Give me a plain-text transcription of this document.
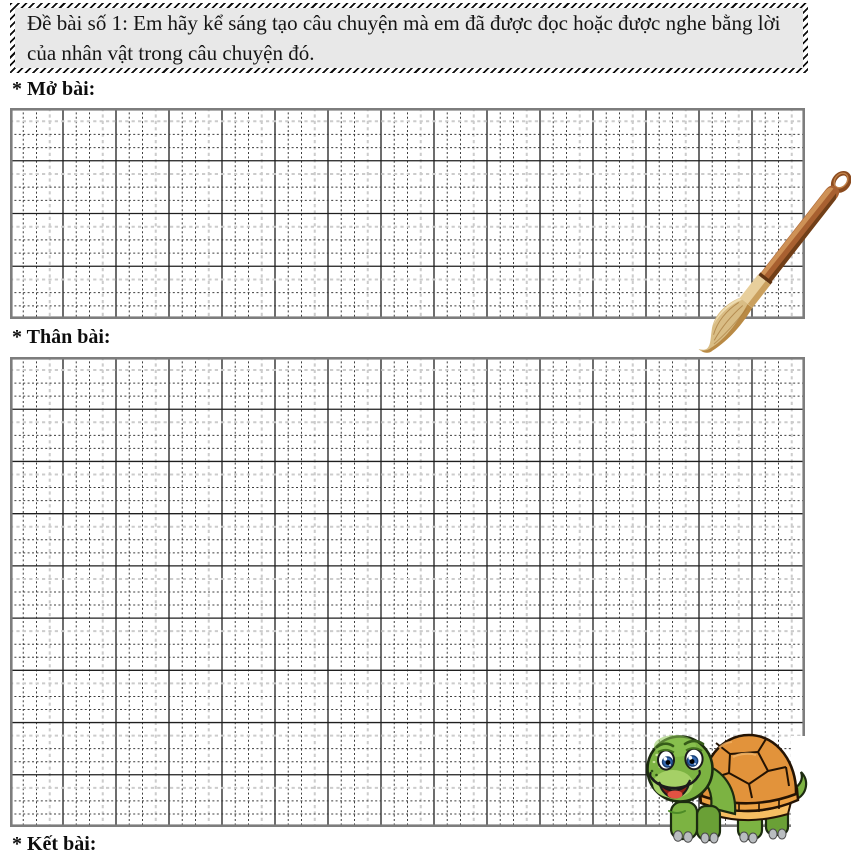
Đề bài số 1: Em hãy kể sáng tạo câu chuyện mà em đã được đọc hoặc được nghe bằng lời của nhân vật trong câu chuyện đó.

* Mở bài:
* Thân bài:
* Kết bài:
